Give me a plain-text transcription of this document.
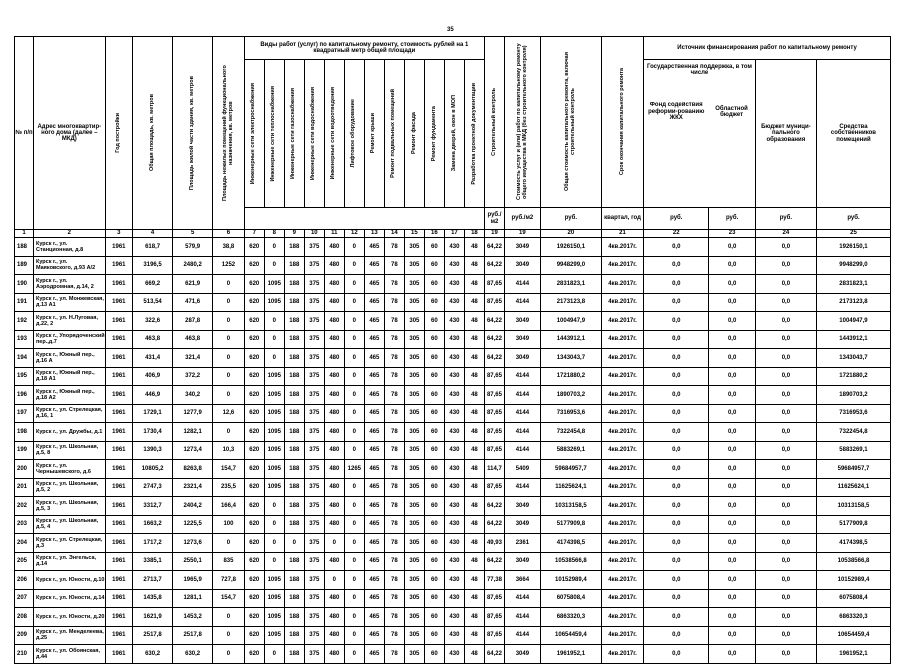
35
№ п/п	Адрес многоквартир-ного дома (далее – МКД)	Год постройки	Общая площадь, кв. метров	Площадь жилой части здания, кв. метров	Площадь нежилых помещений функционального назначения, кв. метров
	Виды работ (услуг) по капитальному ремонту, стоимость рублей на 1 квадратный метр общей площади	
Строительный контроль	Стоимость услуг и (или) работ по капитальному ремонту общего имущества в МКД (без строительного контроля)	Общая стоимость капитального ремонта, включая строительный контроль	Срок окончания капитального ремонта
	Источник финансирования работ по капитальному ремонту

Инженерные сети электроснабжения	Инженерные сети теплоснабжения	Инженерные сети газоснабжения	Инженерные сети водоснабжения	Инженерные сети водоотведения	Лифтовое оборудование	Ремонт крыши	Ремонт подвальных помещений	Ремонт фасада	Ремонт фундамента	Замена дверей, окон в МОП	Разработка проектной документации

Государственная поддержка, в том числе
Фонд содействия реформи-рованию ЖКХ	Областной бюджет
	Бюджет муници-пального образования	Средства собственников помещений
	руб./ м2	руб./м2	руб.	квартал, год	руб.	руб.	руб.	руб.
1	2	3	4	5	6	7	8	9	10	11	12	13	14	15	16	17	18	19	19	20	21	22	23	24	25
188	Курск г., ул. Станционная, д.8	1961	618,7	579,9	38,8	620	0	188	375	480	0	465	78	305	60	430	48	64,22	3049	1926150,1	4кв.2017г.	0,0	0,0	0,0	1926150,1
189	Курск г., ул. Маяковского, д.93 А/2	1961	3196,5	2480,2	1252	620	0	188	375	480	0	465	78	305	60	430	48	64,22	3049	9948299,0	4кв.2017г.	0,0	0,0	0,0	9948299,0
190	Курск г., ул. Аэродромная, д.14, 2	1961	669,2	621,9	0	620	1095	188	375	480	0	465	78	305	60	430	48	87,65	4144	2831823,1	4кв.2017г.	0,0	0,0	0,0	2831823,1
191	Курск г., ул. Монжевская, д.13 А1	1961	513,54	471,6	0	620	1095	188	375	480	0	465	78	305	60	430	48	87,65	4144	2173123,8	4кв.2017г.	0,0	0,0	0,0	2173123,8
192	Курск г., ул. Н.Луговая, д.22, 2	1961	322,6	287,8	0	620	0	188	375	480	0	465	78	305	60	430	48	64,22	3049	1004947,9	4кв.2017г.	0,0	0,0	0,0	1004947,9
193	Курск г., Упорядоченский пер.,д.7	1961	463,8	463,8	0	620	0	188	375	480	0	465	78	305	60	430	48	64,22	3049	1443912,1	4кв.2017г.	0,0	0,0	0,0	1443912,1
194	Курск г., Южный пер., д.16 А	1961	431,4	321,4	0	620	0	188	375	480	0	465	78	305	60	430	48	64,22	3049	1343043,7	4кв.2017г.	0,0	0,0	0,0	1343043,7
195	Курск г., Южный пер., д.18 А1	1961	406,9	372,2	0	620	1095	188	375	480	0	465	78	305	60	430	48	87,65	4144	1721880,2	4кв.2017г.	0,0	0,0	0,0	1721880,2
196	Курск г., Южный пер., д.18 А2	1961	446,9	340,2	0	620	1095	188	375	480	0	465	78	305	60	430	48	87,65	4144	1890703,2	4кв.2017г.	0,0	0,0	0,0	1890703,2
197	Курск г., ул. Стрелецкая, д.16, 1	1961	1729,1	1277,9	12,6	620	1095	188	375	480	0	465	78	305	60	430	48	87,65	4144	7316953,6	4кв.2017г.	0,0	0,0	0,0	7316953,6
198	Курск г., ул. Дружбы, д.1	1961	1730,4	1282,1	0	620	1095	188	375	480	0	465	78	305	60	430	48	87,65	4144	7322454,8	4кв.2017г.	0,0	0,0	0,0	7322454,8
199	Курск г., ул. Школьная, д.5, 8	1961	1390,3	1273,4	10,3	620	1095	188	375	480	0	465	78	305	60	430	48	87,65	4144	5883269,1	4кв.2017г.	0,0	0,0	0,0	5883269,1
200	Курск г., ул. Чернышевского, д.6	1961	10805,2	8263,8	154,7	620	1095	188	375	480	1265	465	78	305	60	430	48	114,7	5409	59684957,7	4кв.2017г.	0,0	0,0	0,0	59684957,7
201	Курск г., ул. Школьная, д.5, 2	1961	2747,3	2321,4	235,5	620	1095	188	375	480	0	465	78	305	60	430	48	87,65	4144	11625624,1	4кв.2017г.	0,0	0,0	0,0	11625624,1
202	Курск г., ул. Школьная, д.5, 3	1961	3312,7	2404,2	166,4	620	0	188	375	480	0	465	78	305	60	430	48	64,22	3049	10313158,5	4кв.2017г.	0,0	0,0	0,0	10313158,5
203	Курск г., ул. Школьная, д.5, 4	1961	1663,2	1225,5	100	620	0	188	375	480	0	465	78	305	60	430	48	64,22	3049	5177909,8	4кв.2017г.	0,0	0,0	0,0	5177909,8
204	Курск г., ул. Стрелецкая, д.3	1961	1717,2	1273,6	0	620	0	0	375	0	0	465	78	305	60	430	48	49,93	2361	4174398,5	4кв.2017г.	0,0	0,0	0,0	4174398,5
205	Курск г., ул. Энгельса, д.14	1961	3385,1	2550,1	835	620	0	188	375	480	0	465	78	305	60	430	48	64,22	3049	10538566,8	4кв.2017г.	0,0	0,0	0,0	10538566,8
206	Курск г., ул. Юности, д.10	1961	2713,7	1965,9	727,8	620	1095	188	375	0	0	465	78	305	60	430	48	77,38	3664	10152989,4	4кв.2017г.	0,0	0,0	0,0	10152989,4
207	Курск г., ул. Юности, д.14	1961	1435,8	1281,1	154,7	620	1095	188	375	480	0	465	78	305	60	430	48	87,65	4144	6075808,4	4кв.2017г.	0,0	0,0	0,0	6075808,4
208	Курск г., ул. Юности, д.20	1961	1621,9	1453,2	0	620	1095	188	375	480	0	465	78	305	60	430	48	87,65	4144	6863320,3	4кв.2017г.	0,0	0,0	0,0	6863320,3
209	Курск г., ул. Менделеева, д.25	1961	2517,8	2517,8	0	620	1095	188	375	480	0	465	78	305	60	430	48	87,65	4144	10654459,4	4кв.2017г.	0,0	0,0	0,0	10654459,4
210	Курск г., ул. Обоянская, д.44	1961	630,2	630,2	0	620	0	188	375	480	0	465	78	305	60	430	48	64,22	3049	1961952,1	4кв.2017г.	0,0	0,0	0,0	1961952,1
